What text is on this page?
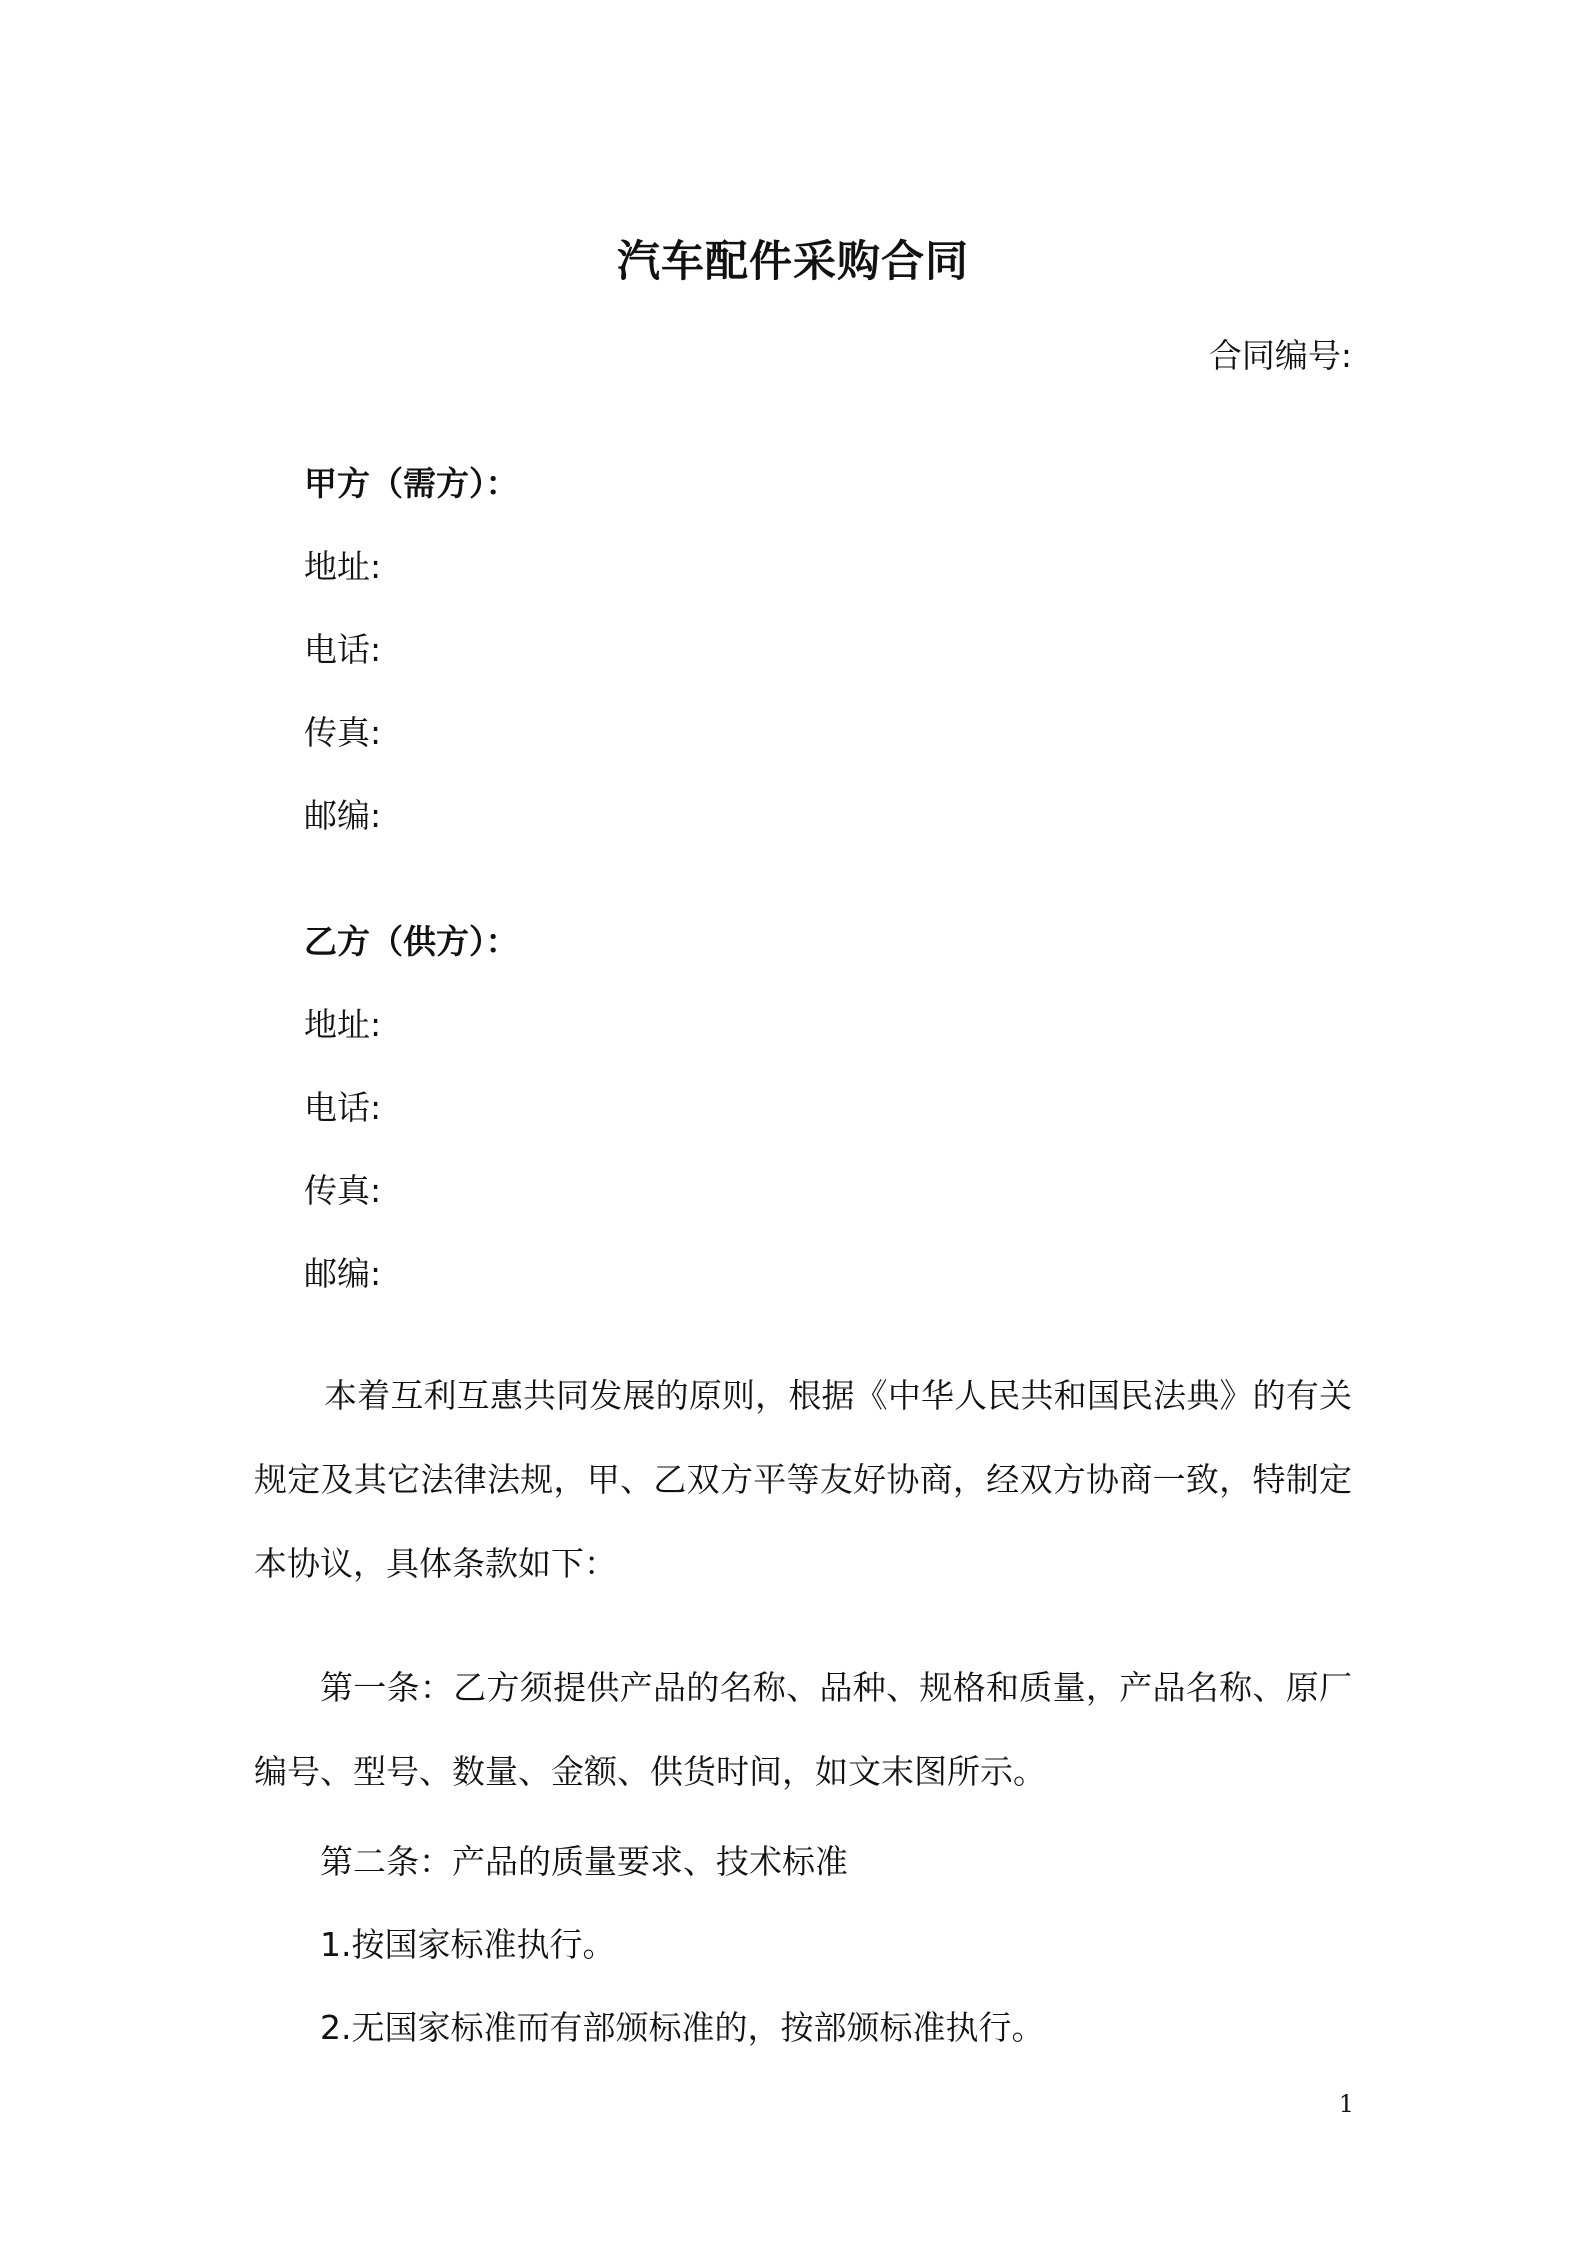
汽车配件采购合同
合同编号:
甲方（需方）：
地址:
电话:
传真:
邮编:
乙方（供方）：
地址:
电话:
传真:
邮编:
本着互利互惠共同发展的原则，根据《中华人民共和国民法典》的有关规定及其它法律法规，甲、乙双方平等友好协商，经双方协商一致，特制定本协议，具体条款如下：
第一条：乙方须提供产品的名称、品种、规格和质量，产品名称、原厂编号、型号、数量、金额、供货时间，如文末图所示。
第二条：产品的质量要求、技术标准
1.按国家标准执行。
2.无国家标准而有部颁标准的，按部颁标准执行。
1
